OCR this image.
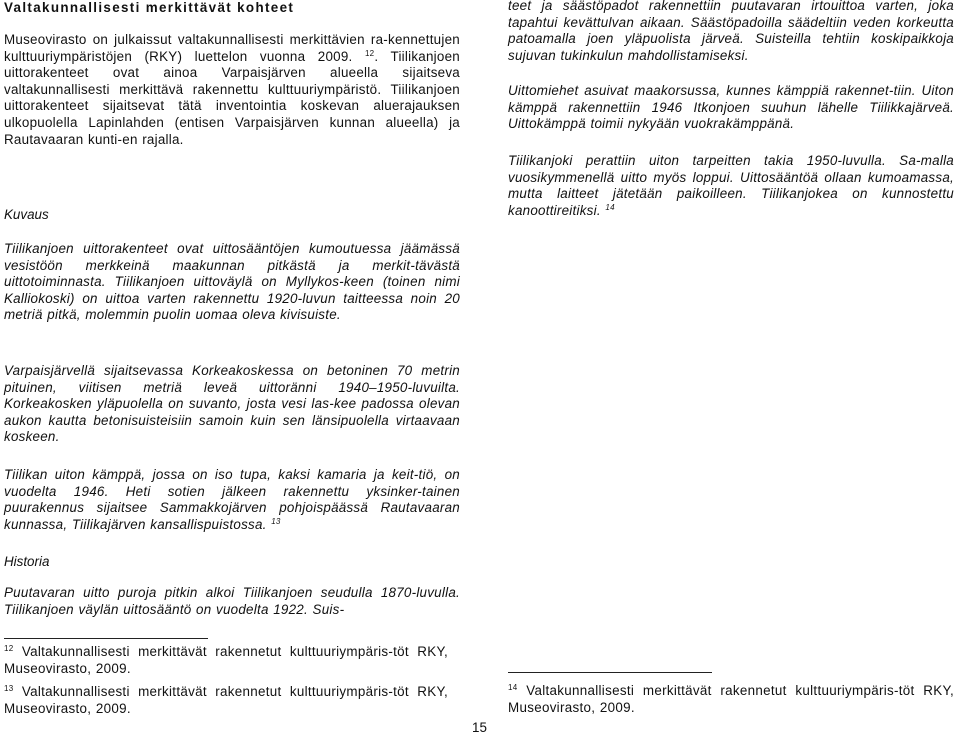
Valtakunnallisesti merkittävät kohteet

Museovirasto on julkaissut valtakunnallisesti merkittävien ra-kennettujen kulttuuriympäristöjen (RKY) luettelon vuonna 2009. $^{12}$. Tiilikanjoen uittorakenteet ovat ainoa Varpaisjärven alueella sijaitseva valtakunnallisesti merkittävä rakennettu kulttuuriympäristö. Tiilikanjoen uittorakenteet sijaitsevat tätä inventointia koskevan aluerajauksen ulkopuolella Lapinlahden (entisen Varpaisjärven kunnan alueella) ja Rautavaaran kunti-en rajalla.

Kuvaus

Tiilikanjoen uittorakenteet ovat uittosääntöjen kumoutuessa jäämässä vesistöön merkkeinä maakunnan pitkästä ja merkit-tävästä uittotoiminnasta. Tiilikanjoen uittoväylä on Myllykos-keen (toinen nimi Kalliokoski) on uittoa varten rakennettu 1920-luvun taitteessa noin 20 metriä pitkä, molemmin puolin uomaa oleva kivisuiste.

Varpaisjärvellä sijaitsevassa Korkeakoskessa on betoninen 70 metrin pituinen, viitisen metriä leveä uittoränni 1940–1950-luvuilta. Korkeakosken yläpuolella on suvanto, josta vesi las-kee padossa olevan aukon kautta betonisuisteisiin samoin kuin sen länsipuolella virtaavaan koskeen.

Tiilikan uiton kämppä, jossa on iso tupa, kaksi kamaria ja keit-tiö, on vuodelta 1946. Heti sotien jälkeen rakennettu yksinker-tainen puurakennus sijaitsee Sammakkojärven pohjoispäässä Rautavaaran kunnassa, Tiilikajärven kansallispuistossa. $^{13}$

Historia

Puutavaran uitto puroja pitkin alkoi Tiilikanjoen seudulla 1870-luvulla. Tiilikanjoen väylän uittosääntö on vuodelta 1922. Suis-

$^{12}$ Valtakunnallisesti merkittävät rakennetut kulttuuriympäris-töt RKY, Museovirasto, 2009.

$^{13}$ Valtakunnallisesti merkittävät rakennetut kulttuuriympäris-töt RKY, Museovirasto, 2009.

teet ja säästöpadot rakennettiin puutavaran irtouittoa varten, joka tapahtui kevättulvan aikaan. Säästöpadoilla säädeltiin veden korkeutta patoamalla joen yläpuolista järveä. Suisteilla tehtiin koskipaikkoja sujuvan tukinkulun mahdollistamiseksi.

Uittomiehet asuivat maakorsussa, kunnes kämppiä rakennet-tiin. Uiton kämppä rakennettiin 1946 Itkonjoen suuhun lähelle Tiilikkajärveä. Uittokämppä toimii nykyään vuokrakämppänä.

Tiilikanjoki perattiin uiton tarpeitten takia 1950-luvulla. Sa-malla vuosikymmenellä uitto myös loppui. Uittosääntöä ollaan kumoamassa, mutta laitteet jätetään paikoilleen. Tiilikanjokea on kunnostettu kanoottireitiksi. $^{14}$

$^{14}$ Valtakunnallisesti merkittävät rakennetut kulttuuriympäris-töt RKY, Museovirasto, 2009.

15
